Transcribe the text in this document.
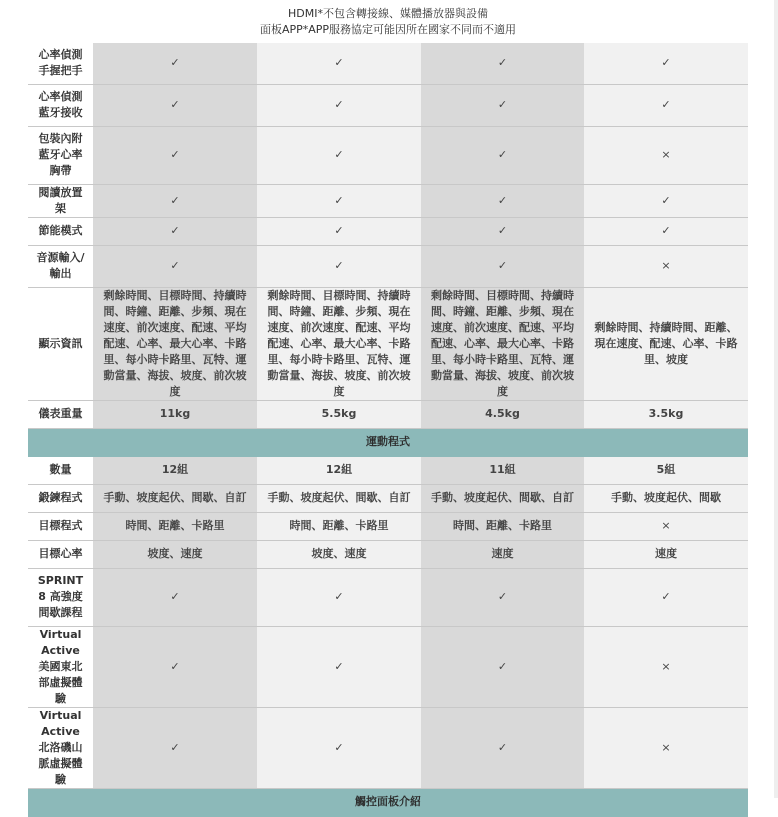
HDMI*不包含轉接線、媒體播放器與設備
面板APP*APP服務協定可能因所在國家不同而不適用
心率偵測手握把手	✓	✓	✓	✓
心率偵測藍牙接收	✓	✓	✓	✓
包裝內附藍牙心率胸帶	✓	✓	✓	×
閱讀放置架	✓	✓	✓	✓
節能模式	✓	✓	✓	✓
音源輸入/輸出	✓	✓	✓	×
顯示資訊	剩餘時間、目標時間、持續時間、時鐘、距離、步頻、現在速度、前次速度、配速、平均配速、心率、最大心率、卡路里、每小時卡路里、瓦特、運動當量、海拔、坡度、前次坡度	剩餘時間、目標時間、持續時間、時鐘、距離、步頻、現在速度、前次速度、配速、平均配速、心率、最大心率、卡路里、每小時卡路里、瓦特、運動當量、海拔、坡度、前次坡度	剩餘時間、目標時間、持續時間、時鐘、距離、步頻、現在速度、前次速度、配速、平均配速、心率、最大心率、卡路里、每小時卡路里、瓦特、運動當量、海拔、坡度、前次坡度	剩餘時間、持續時間、距離、現在速度、配速、心率、卡路里、坡度
儀表重量	11kg	5.5kg	4.5kg	3.5kg
運動程式				
數量	12組	12組	11組	5組
鍛鍊程式	手動、坡度起伏、間歇、自訂	手動、坡度起伏、間歇、自訂	手動、坡度起伏、間歇、自訂	手動、坡度起伏、間歇
目標程式	時間、距離、卡路里	時間、距離、卡路里	時間、距離、卡路里	×
目標心率	坡度、速度	坡度、速度	速度	速度
SPRINT 8 高強度間歇課程	✓	✓	✓	✓
Virtual Active 美國東北部虛擬體驗	✓	✓	✓	×
Virtual Active 北洛磯山脈虛擬體驗	✓	✓	✓	×
觸控面板介紹				
